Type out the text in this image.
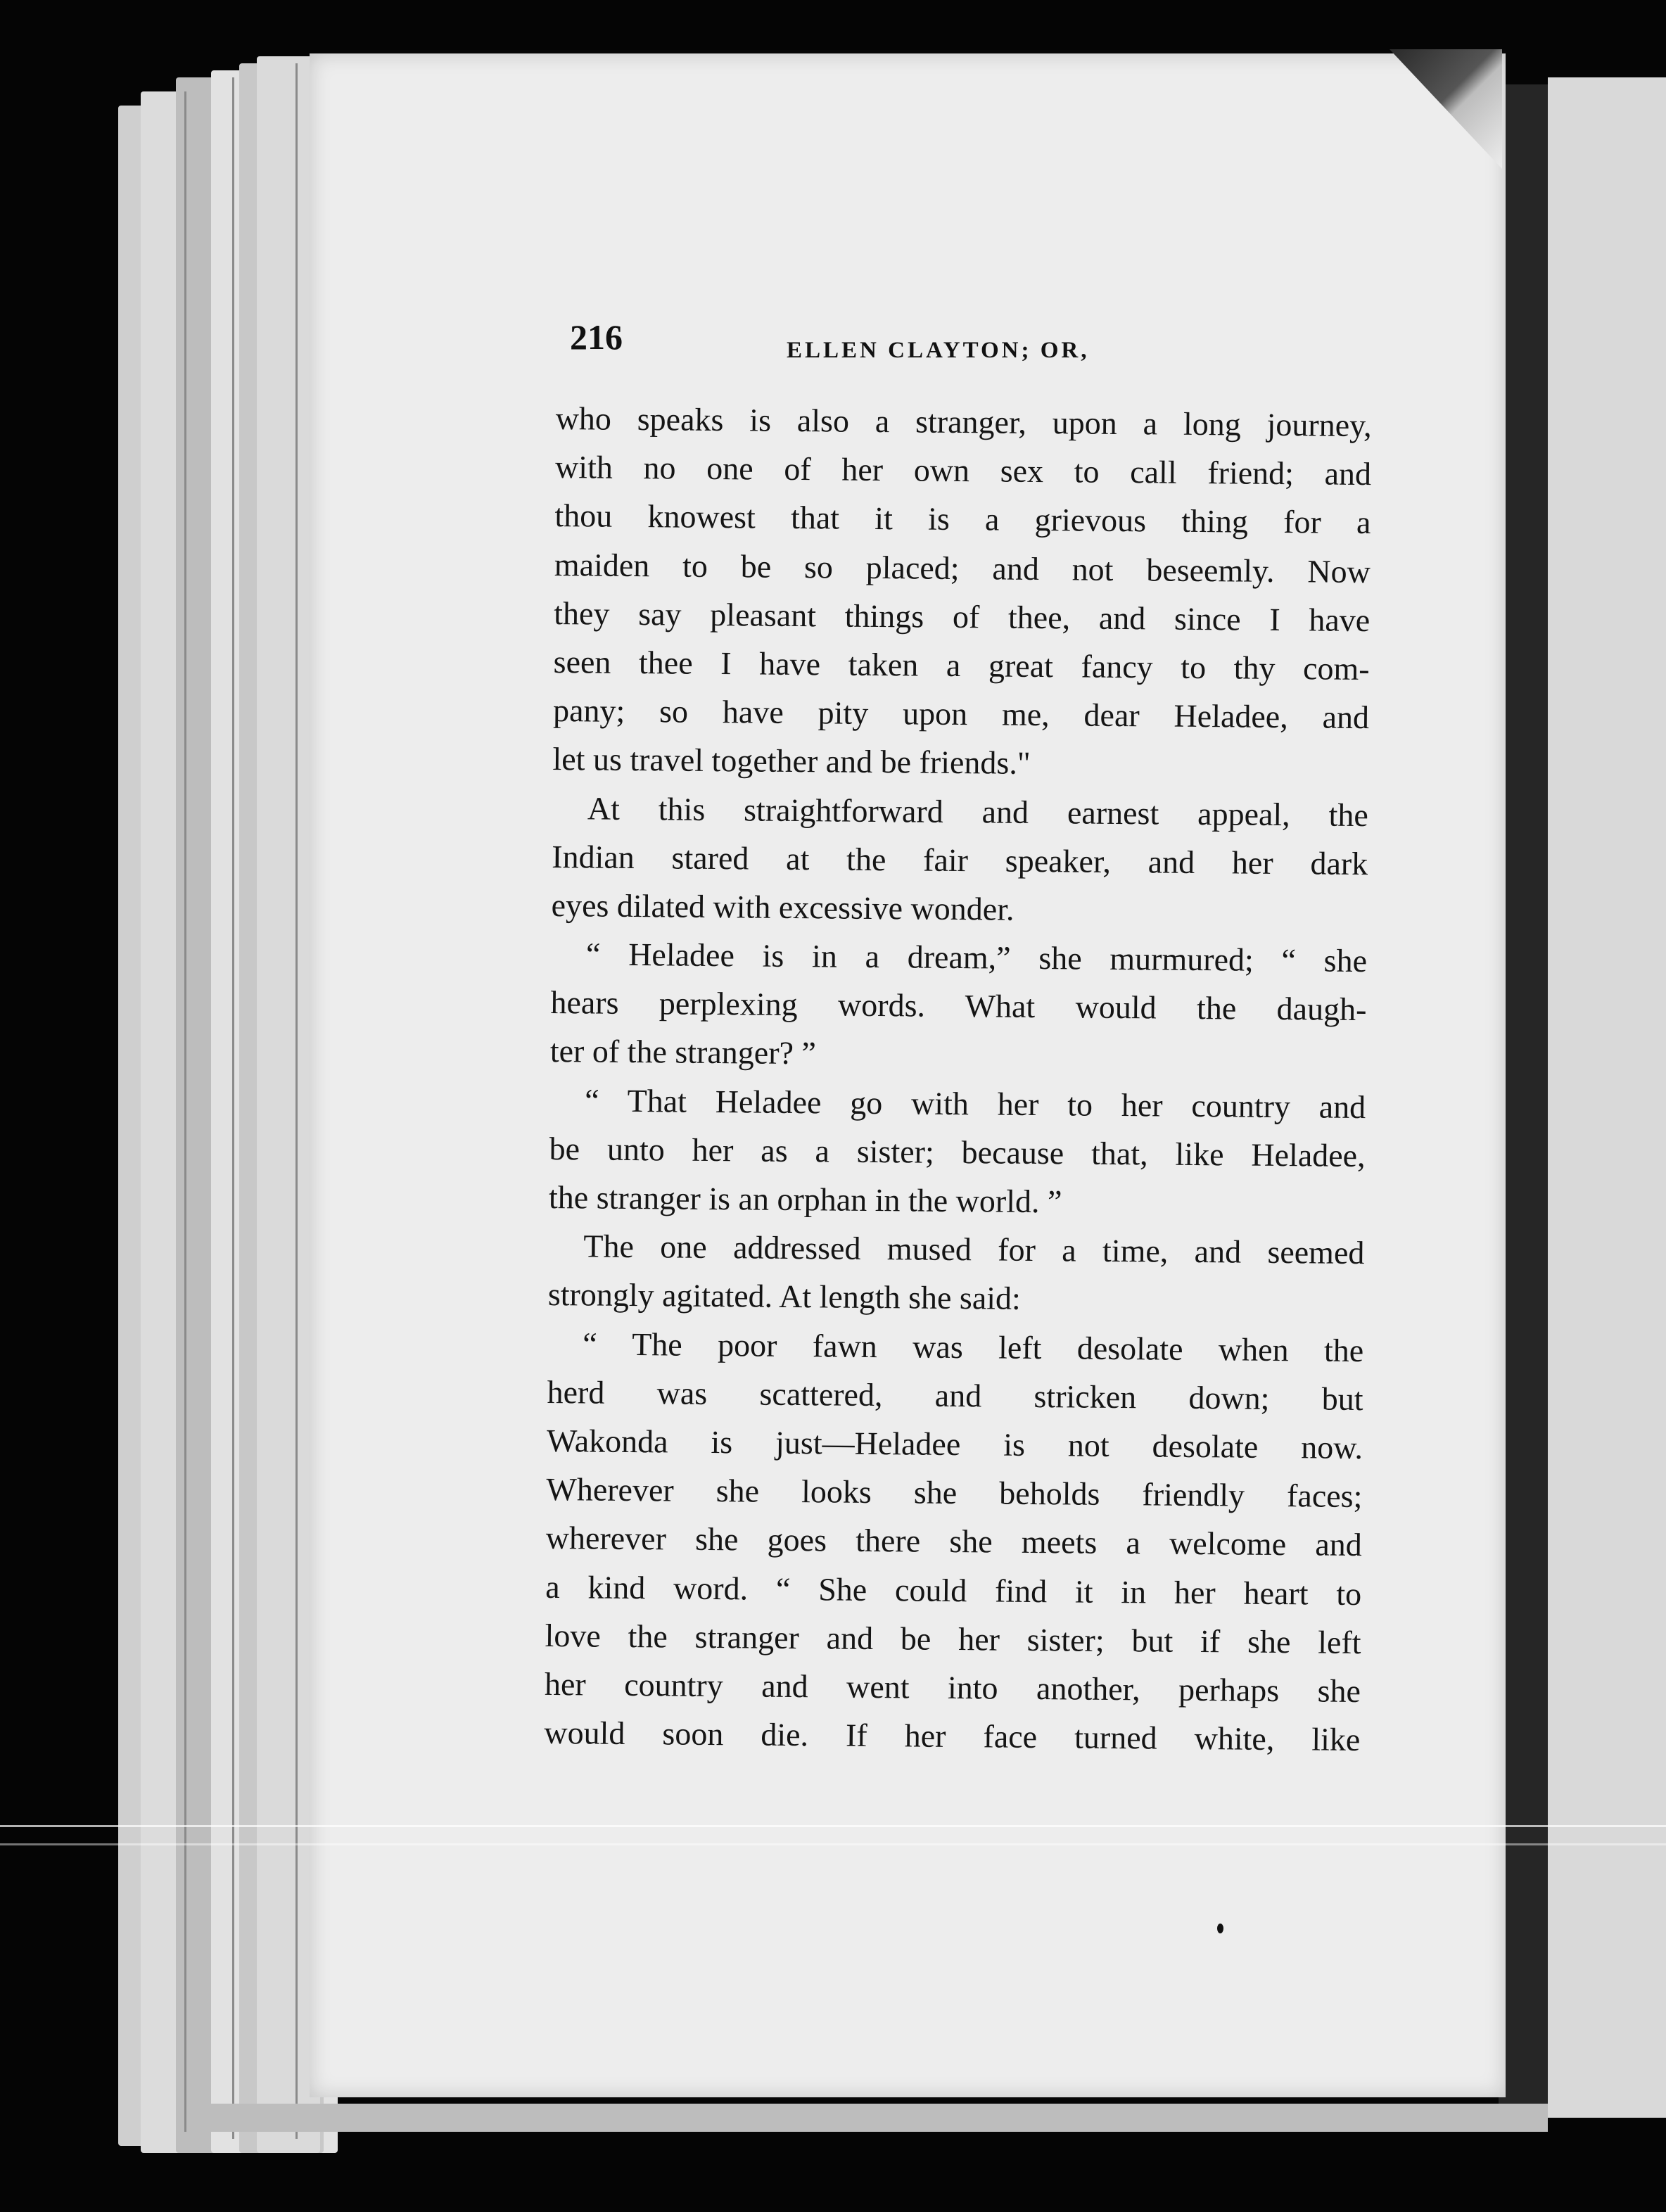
216	ELLEN CLAYTON; OR,
who speaks is also a stranger, upon a long journey,
with no one of her own sex to call friend; and
thou knowest that it is a grievous thing for a
maiden to be so placed; and not beseemly. Now
they say pleasant things of thee, and since I have
seen thee I have taken a great fancy to thy com-
pany; so have pity upon me, dear Heladee, and
let us travel together and be friends."
At this straightforward and earnest appeal, the
Indian stared at the fair speaker, and her dark
eyes dilated with excessive wonder.
“ Heladee is in a dream,” she murmured; “ she
hears perplexing words. What would the daugh-
ter of the stranger? ”
“ That Heladee go with her to her country and
be unto her as a sister; because that, like Heladee,
the stranger is an orphan in the world. ”
The one addressed mused for a time, and seemed
strongly agitated. At length she said:
“ The poor fawn was left desolate when the
herd was scattered, and stricken down; but
Wakonda is just—Heladee is not desolate now.
Wherever she looks she beholds friendly faces;
wherever she goes there she meets a welcome and
a kind word. “ She could find it in her heart to
love the stranger and be her sister; but if she left
her country and went into another, perhaps she
would soon die. If her face turned white, like
